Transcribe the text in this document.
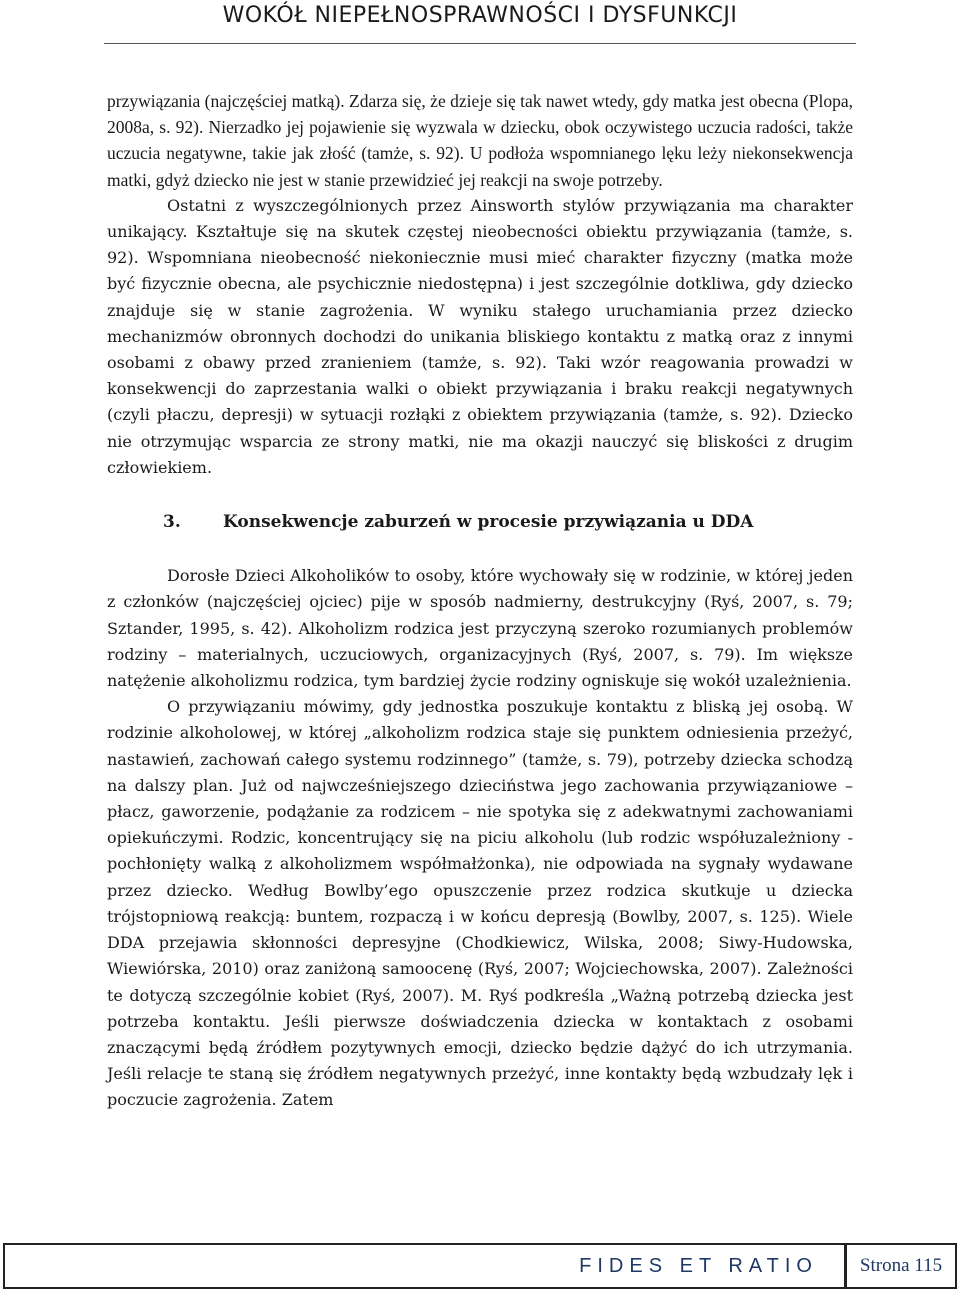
WOKÓŁ NIEPEŁNOSPRAWNOŚCI I DYSFUNKCJI

przywiązania (najczęściej matką). Zdarza się, że dzieje się tak nawet wtedy, gdy matka jest obecna (Plopa, 2008a, s. 92). Nierzadko jej pojawienie się wyzwala w dziecku, obok oczywistego uczucia radości, także uczucia negatywne, takie jak złość (tamże, s. 92). U podłoża wspomnianego lęku leży niekonsekwencja matki, gdyż dziecko nie jest w stanie przewidzieć jej reakcji na swoje potrzeby.

Ostatni z wyszczególnionych przez Ainsworth stylów przywiązania ma charakter unikający. Kształtuje się na skutek częstej nieobecności obiektu przywiązania (tamże, s. 92). Wspomniana nieobecność niekoniecznie musi mieć charakter fizyczny (matka może być fizycznie obecna, ale psychicznie niedostępna) i jest szczególnie dotkliwa, gdy dziecko znajduje się w stanie zagrożenia. W wyniku stałego uruchamiania przez dziecko mechanizmów obronnych dochodzi do unikania bliskiego kontaktu z matką oraz z innymi osobami z obawy przed zranieniem (tamże, s. 92). Taki wzór reagowania prowadzi w konsekwencji do zaprzestania walki o obiekt przywiązania i braku reakcji negatywnych (czyli płaczu, depresji) w sytuacji rozłąki z obiektem przywiązania (tamże, s. 92). Dziecko nie otrzymując wsparcia ze strony matki, nie ma okazji nauczyć się bliskości z drugim człowiekiem.

3. Konsekwencje zaburzeń w procesie przywiązania u DDA

Dorosłe Dzieci Alkoholików to osoby, które wychowały się w rodzinie, w której jeden z członków (najczęściej ojciec) pije w sposób nadmierny, destrukcyjny (Ryś, 2007, s. 79; Sztander, 1995, s. 42). Alkoholizm rodzica jest przyczyną szeroko rozumianych problemów rodziny – materialnych, uczuciowych, organizacyjnych (Ryś, 2007, s. 79). Im większe natężenie alkoholizmu rodzica, tym bardziej życie rodziny ogniskuje się wokół uzależnienia.

O przywiązaniu mówimy, gdy jednostka poszukuje kontaktu z bliską jej osobą. W rodzinie alkoholowej, w której „alkoholizm rodzica staje się punktem odniesienia przeżyć, nastawień, zachowań całego systemu rodzinnego” (tamże, s. 79), potrzeby dziecka schodzą na dalszy plan. Już od najwcześniejszego dzieciństwa jego zachowania przywiązaniowe – płacz, gaworzenie, podążanie za rodzicem – nie spotyka się z adekwatnymi zachowaniami opiekuńczymi. Rodzic, koncentrujący się na piciu alkoholu (lub rodzic współuzależniony - pochłonięty walką z alkoholizmem współmałżonka), nie odpowiada na sygnały wydawane przez dziecko. Według Bowlby’ego opuszczenie przez rodzica skutkuje u dziecka trójstopniową reakcją: buntem, rozpaczą i w końcu depresją (Bowlby, 2007, s. 125). Wiele DDA przejawia skłonności depresyjne (Chodkiewicz, Wilska, 2008; Siwy-Hudowska, Wiewiórska, 2010) oraz zaniżoną samoocenę (Ryś, 2007; Wojciechowska, 2007). Zależności te dotyczą szczególnie kobiet (Ryś, 2007). M. Ryś podkreśla „Ważną potrzebą dziecka jest potrzeba kontaktu. Jeśli pierwsze doświadczenia dziecka w kontaktach z osobami znaczącymi będą źródłem pozytywnych emocji, dziecko będzie dążyć do ich utrzymania. Jeśli relacje te staną się źródłem negatywnych przeżyć, inne kontakty będą wzbudzały lęk i poczucie zagrożenia. Zatem

FIDES ET RATIO	Strona 115
